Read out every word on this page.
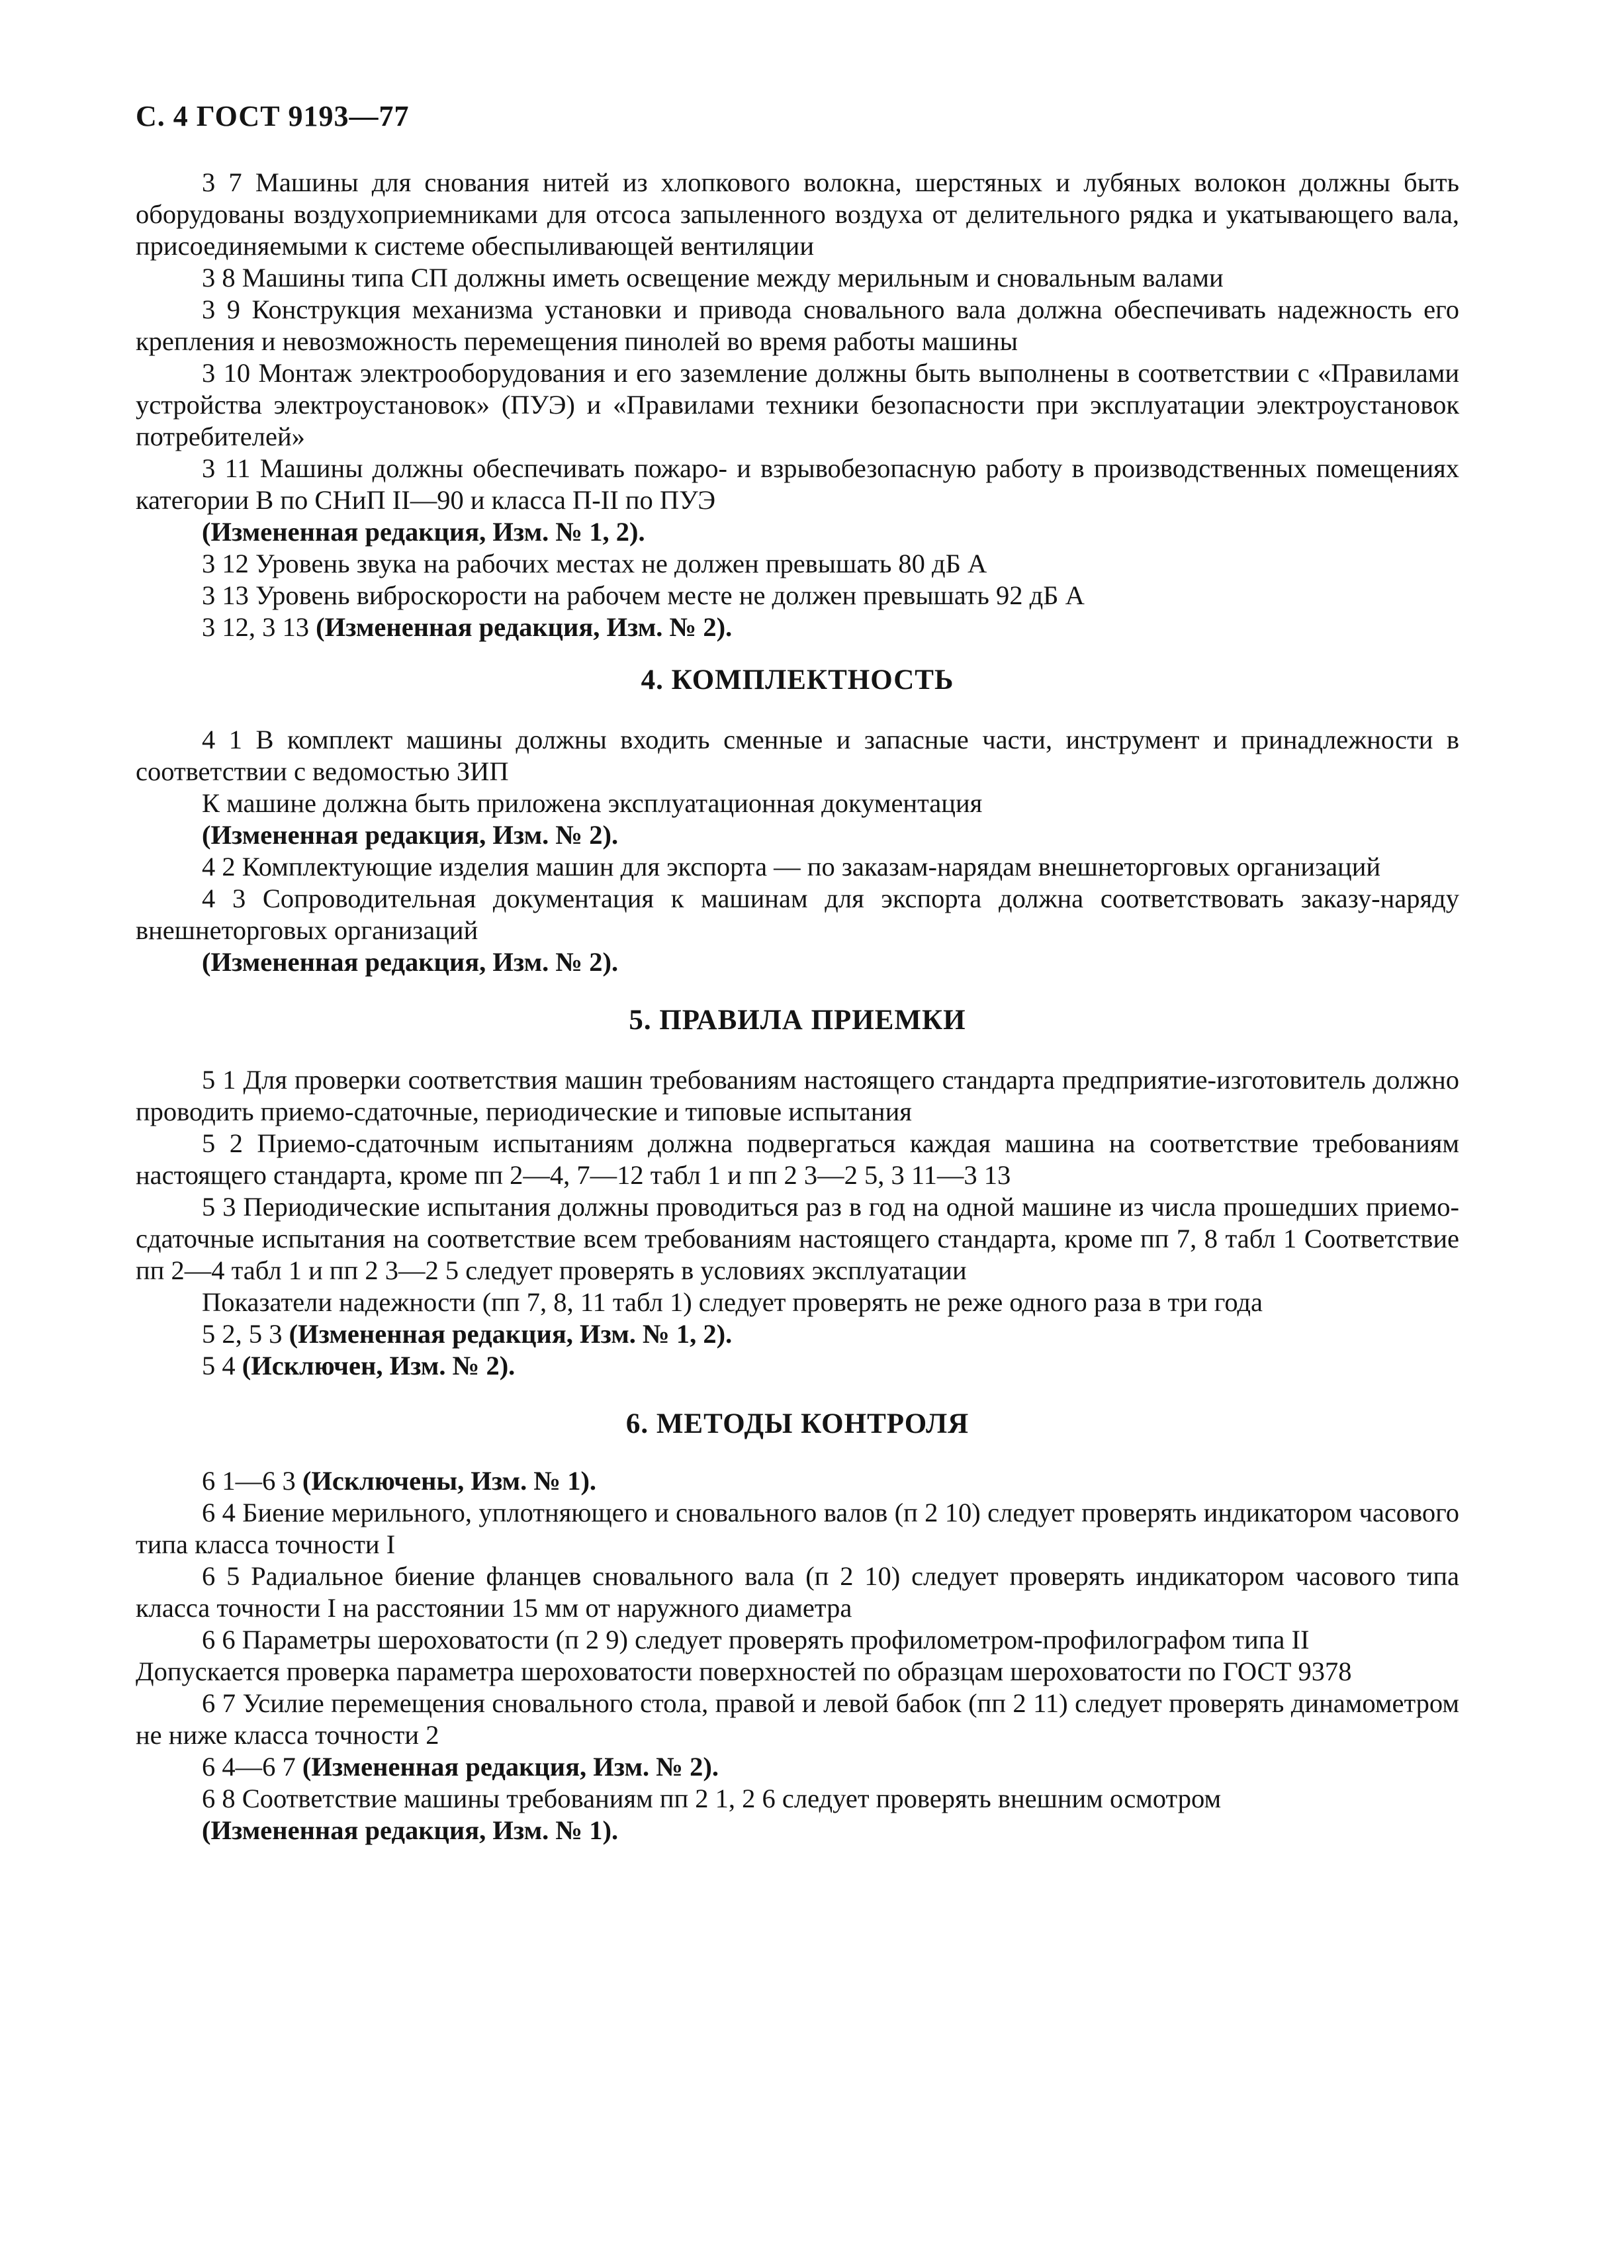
С. 4 ГОСТ 9193—77

3 7 Машины для снования нитей из хлопкового волокна, шерстяных и лубяных волокон должны быть оборудованы воздухоприемниками для отсоса запыленного воздуха от делительного рядка и укатывающего вала, присоединяемыми к системе обеспыливающей вентиляции

3 8 Машины типа СП должны иметь освещение между мерильным и сновальным валами

3 9 Конструкция механизма установки и привода сновального вала должна обеспечивать надежность его крепления и невозможность перемещения пинолей во время работы машины

3 10 Монтаж электрооборудования и его заземление должны быть выполнены в соответствии с «Правилами устройства электроустановок» (ПУЭ) и «Правилами техники безопасности при эксплуатации электроустановок потребителей»

3 11 Машины должны обеспечивать пожаро- и взрывобезопасную работу в производственных помещениях категории В по СНиП II—90 и класса П-II по ПУЭ

(Измененная редакция, Изм. № 1, 2).

3 12 Уровень звука на рабочих местах не должен превышать 80 дБ А

3 13 Уровень виброскорости на рабочем месте не должен превышать 92 дБ А

3 12, 3 13 (Измененная редакция, Изм. № 2).

4. КОМПЛЕКТНОСТЬ

4 1 В комплект машины должны входить сменные и запасные части, инструмент и принадлежности в соответствии с ведомостью ЗИП

К машине должна быть приложена эксплуатационная документация

(Измененная редакция, Изм. № 2).

4 2 Комплектующие изделия машин для экспорта — по заказам-нарядам внешнеторговых организаций

4 3 Сопроводительная документация к машинам для экспорта должна соответствовать заказу-наряду внешнеторговых организаций

(Измененная редакция, Изм. № 2).

5. ПРАВИЛА ПРИЕМКИ

5 1 Для проверки соответствия машин требованиям настоящего стандарта предприятие-изготовитель должно проводить приемо-сдаточные, периодические и типовые испытания

5 2 Приемо-сдаточным испытаниям должна подвергаться каждая машина на соответствие требованиям настоящего стандарта, кроме пп 2—4, 7—12 табл 1 и пп 2 3—2 5, 3 11—3 13

5 3 Периодические испытания должны проводиться раз в год на одной машине из числа прошедших приемо-сдаточные испытания на соответствие всем требованиям настоящего стандарта, кроме пп 7, 8 табл 1 Соответствие пп 2—4 табл 1 и пп 2 3—2 5 следует проверять в условиях эксплуатации

Показатели надежности (пп 7, 8, 11 табл 1) следует проверять не реже одного раза в три года

5 2, 5 3 (Измененная редакция, Изм. № 1, 2).

5 4 (Исключен, Изм. № 2).

6. МЕТОДЫ КОНТРОЛЯ

6 1—6 3 (Исключены, Изм. № 1).

6 4 Биение мерильного, уплотняющего и сновального валов (п 2 10) следует проверять индикатором часового типа класса точности I

6 5 Радиальное биение фланцев сновального вала (п 2 10) следует проверять индикатором часового типа класса точности I на расстоянии 15 мм от наружного диаметра

6 6 Параметры шероховатости (п 2 9) следует проверять профилометром-профилографом типа II

Допускается проверка параметра шероховатости поверхностей по образцам шероховатости по ГОСТ 9378

6 7 Усилие перемещения сновального стола, правой и левой бабок (пп 2 11) следует проверять динамометром не ниже класса точности 2

6 4—6 7 (Измененная редакция, Изм. № 2).

6 8 Соответствие машины требованиям пп 2 1, 2 6 следует проверять внешним осмотром

(Измененная редакция, Изм. № 1).
